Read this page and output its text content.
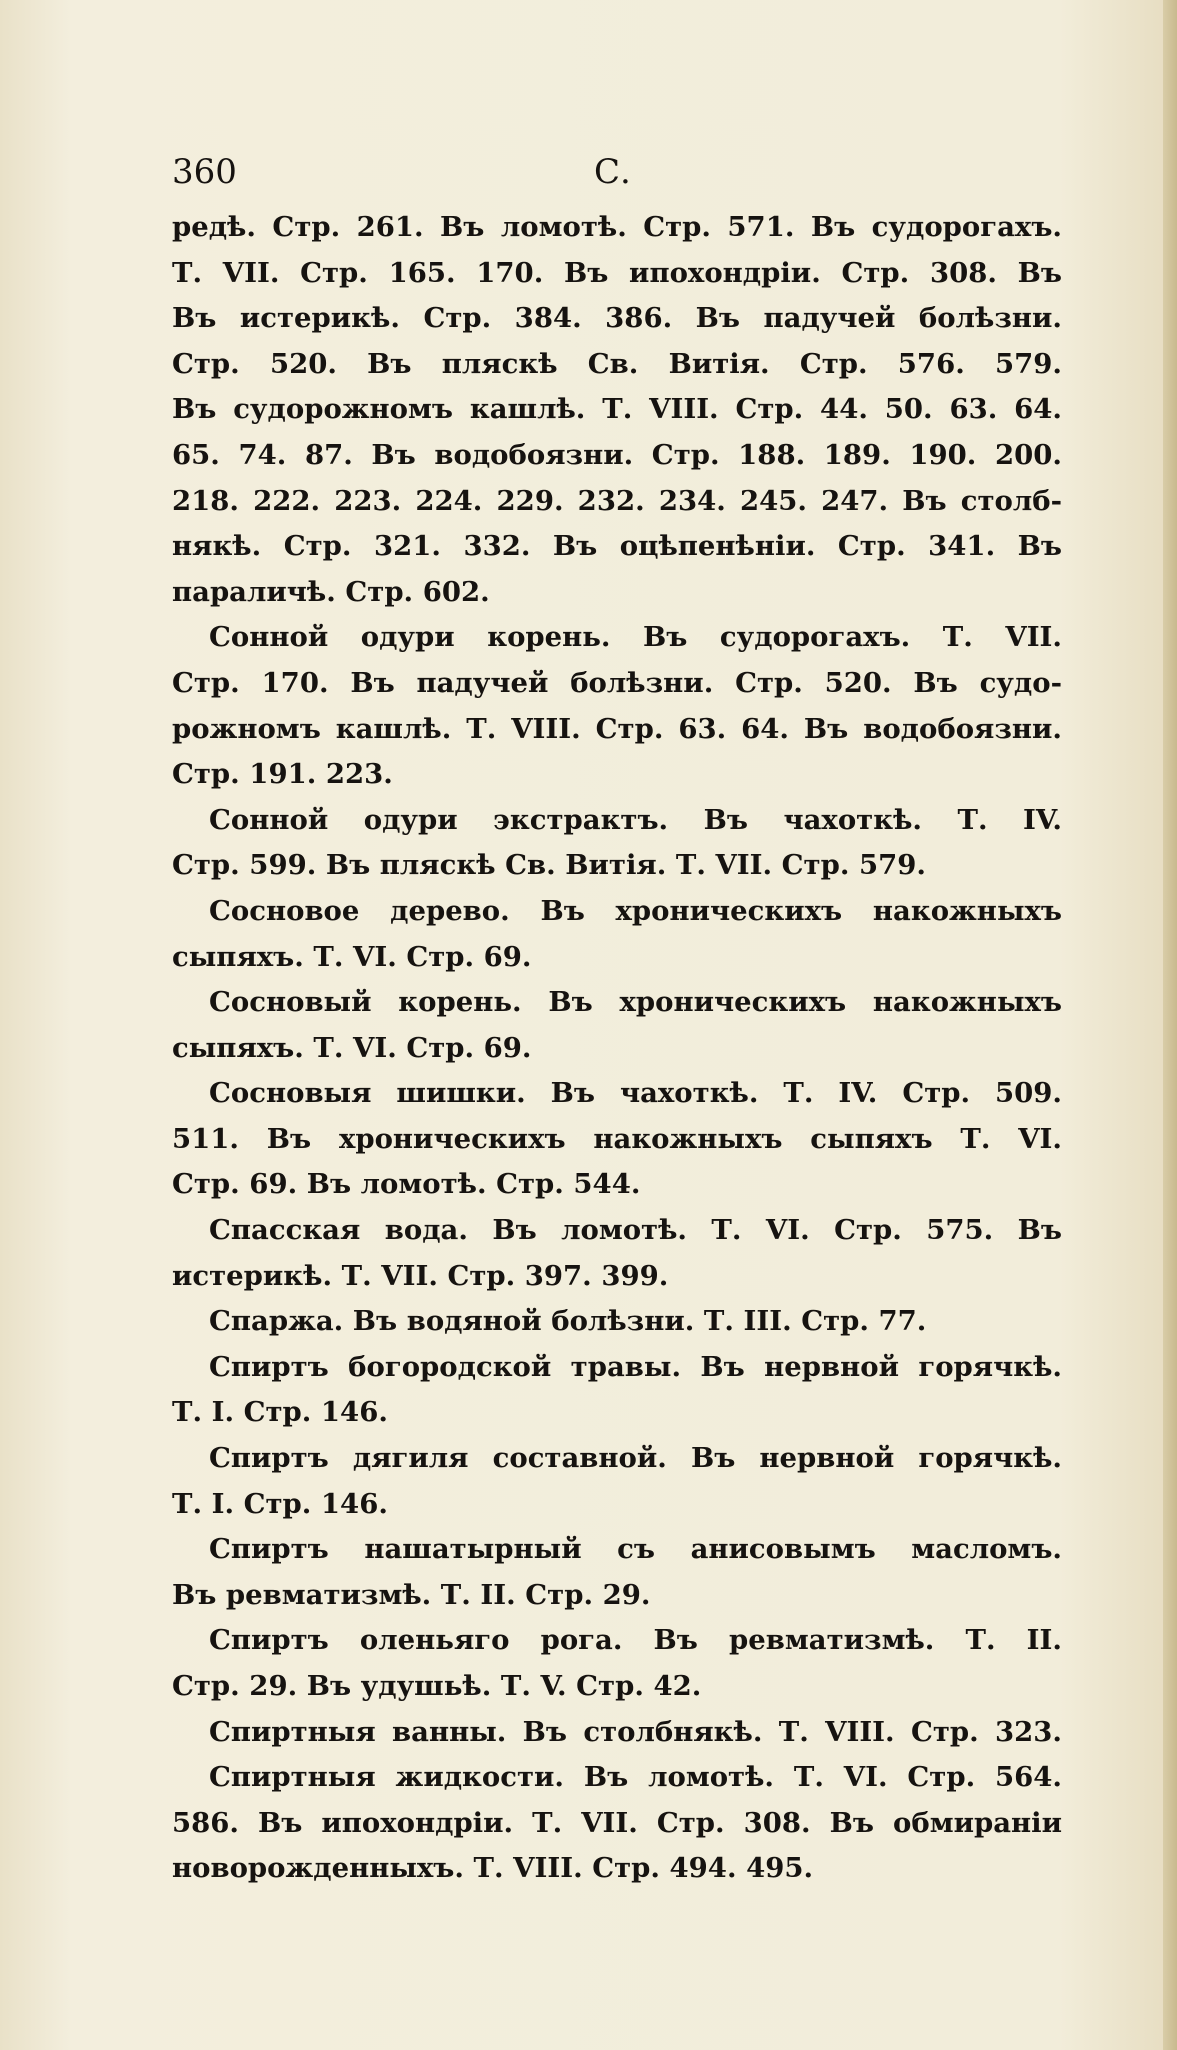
360	С.
редѣ. Стр. 261. Въ ломотѣ. Стр. 571. Въ судорогахъ.
Т. VII. Стр. 165. 170. Въ ипохондріи. Стр. 308. Въ
Въ истерикѣ. Стр. 384. 386. Въ падучей болѣзни.
Стр. 520. Въ пляскѣ Св. Витія. Стр. 576. 579.
Въ судорожномъ кашлѣ. Т. VIII. Стр. 44. 50. 63. 64.
65. 74. 87. Въ водобоязни. Стр. 188. 189. 190. 200.
218. 222. 223. 224. 229. 232. 234. 245. 247. Въ столб-
някѣ. Стр. 321. 332. Въ оцѣпенѣніи. Стр. 341. Въ
параличѣ. Стр. 602.
Сонной одури корень. Въ судорогахъ. Т. VII.
Стр. 170. Въ падучей болѣзни. Стр. 520. Въ судо-
рожномъ кашлѣ. Т. VIII. Стр. 63. 64. Въ водобоязни.
Стр. 191. 223.
Сонной одури экстрактъ. Въ чахоткѣ. Т. IV.
Стр. 599. Въ пляскѣ Св. Витія. Т. VII. Стр. 579.
Сосновое дерево. Въ хроническихъ накожныхъ
сыпяхъ. Т. VI. Стр. 69.
Сосновый корень. Въ хроническихъ накожныхъ
сыпяхъ. Т. VI. Стр. 69.
Сосновыя шишки. Въ чахоткѣ. Т. IV. Стр. 509.
511. Въ хроническихъ накожныхъ сыпяхъ Т. VI.
Стр. 69. Въ ломотѣ. Стр. 544.
Спасская вода. Въ ломотѣ. Т. VI. Стр. 575. Въ
истерикѣ. Т. VII. Стр. 397. 399.
Спаржа. Въ водяной болѣзни. Т. III. Стр. 77.
Спиртъ богородской травы. Въ нервной горячкѣ.
Т. I. Стр. 146.
Спиртъ дягиля составной. Въ нервной горячкѣ.
Т. I. Стр. 146.
Спиртъ нашатырный съ анисовымъ масломъ.
Въ ревматизмѣ. Т. II. Стр. 29.
Спиртъ оленьяго рога. Въ ревматизмѣ. Т. II.
Стр. 29. Въ удушьѣ. Т. V. Стр. 42.
Спиртныя ванны. Въ столбнякѣ. Т. VIII. Стр. 323.
Спиртныя жидкости. Въ ломотѣ. Т. VI. Стр. 564.
586. Въ ипохондріи. Т. VII. Стр. 308. Въ обмираніи
новорожденныхъ. Т. VIII. Стр. 494. 495.
